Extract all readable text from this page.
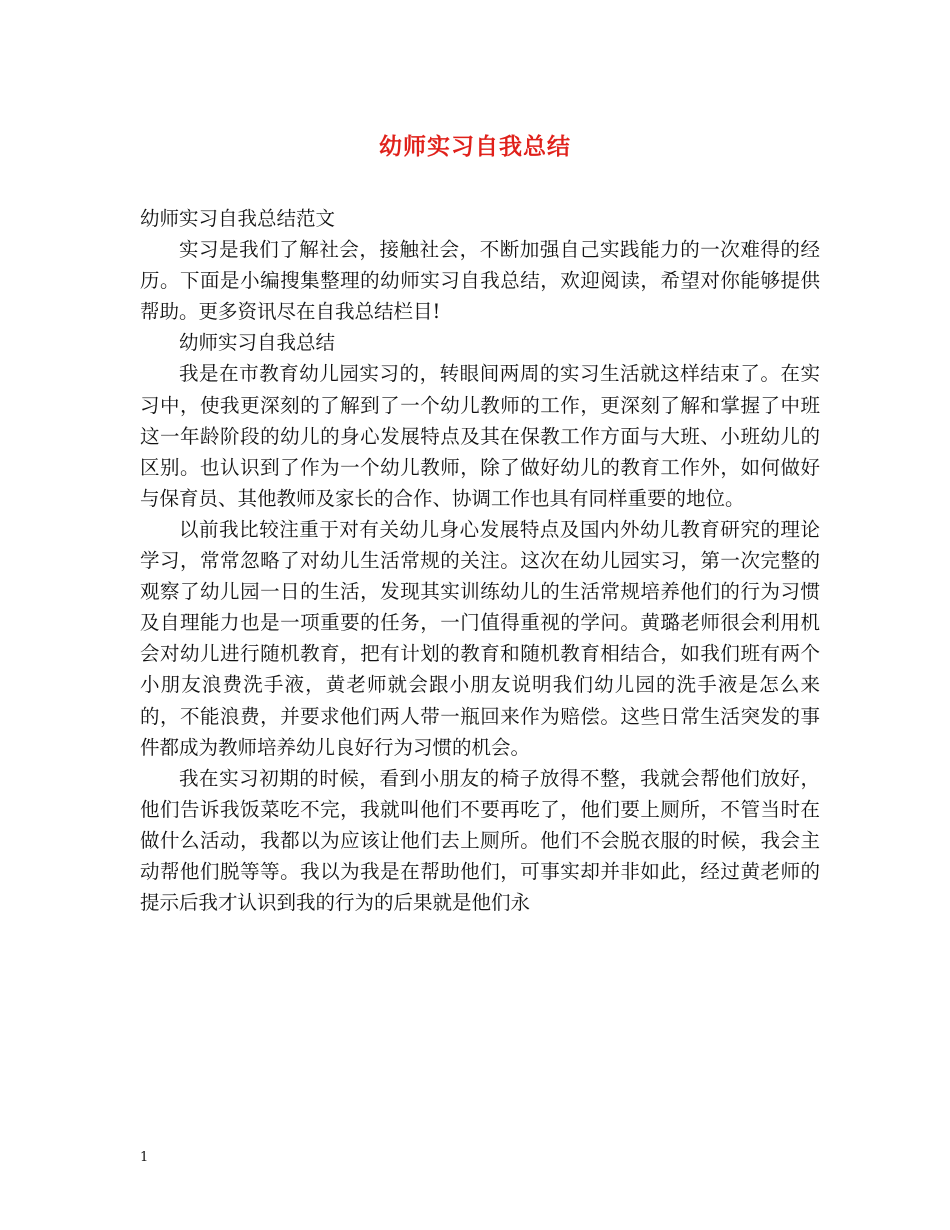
幼师实习自我总结

幼师实习自我总结范文

实习是我们了解社会，接触社会，不断加强自己实践能力的一次难得的经历。下面是小编搜集整理的幼师实习自我总结，欢迎阅读，希望对你能够提供帮助。更多资讯尽在自我总结栏目!

幼师实习自我总结

我是在市教育幼儿园实习的，转眼间两周的实习生活就这样结束了。在实习中，使我更深刻的了解到了一个幼儿教师的工作，更深刻了解和掌握了中班这一年龄阶段的幼儿的身心发展特点及其在保教工作方面与大班、小班幼儿的区别。也认识到了作为一个幼儿教师，除了做好幼儿的教育工作外，如何做好与保育员、其他教师及家长的合作、协调工作也具有同样重要的地位。

以前我比较注重于对有关幼儿身心发展特点及国内外幼儿教育研究的理论学习，常常忽略了对幼儿生活常规的关注。这次在幼儿园实习，第一次完整的观察了幼儿园一日的生活，发现其实训练幼儿的生活常规培养他们的行为习惯及自理能力也是一项重要的任务，一门值得重视的学问。黄璐老师很会利用机会对幼儿进行随机教育，把有计划的教育和随机教育相结合，如我们班有两个小朋友浪费洗手液，黄老师就会跟小朋友说明我们幼儿园的洗手液是怎么来的，不能浪费，并要求他们两人带一瓶回来作为赔偿。这些日常生活突发的事件都成为教师培养幼儿良好行为习惯的机会。

我在实习初期的时候，看到小朋友的椅子放得不整，我就会帮他们放好，他们告诉我饭菜吃不完，我就叫他们不要再吃了，他们要上厕所，不管当时在做什么活动，我都以为应该让他们去上厕所。他们不会脱衣服的时候，我会主动帮他们脱等等。我以为我是在帮助他们，可事实却并非如此，经过黄老师的提示后我才认识到我的行为的后果就是他们永

1
